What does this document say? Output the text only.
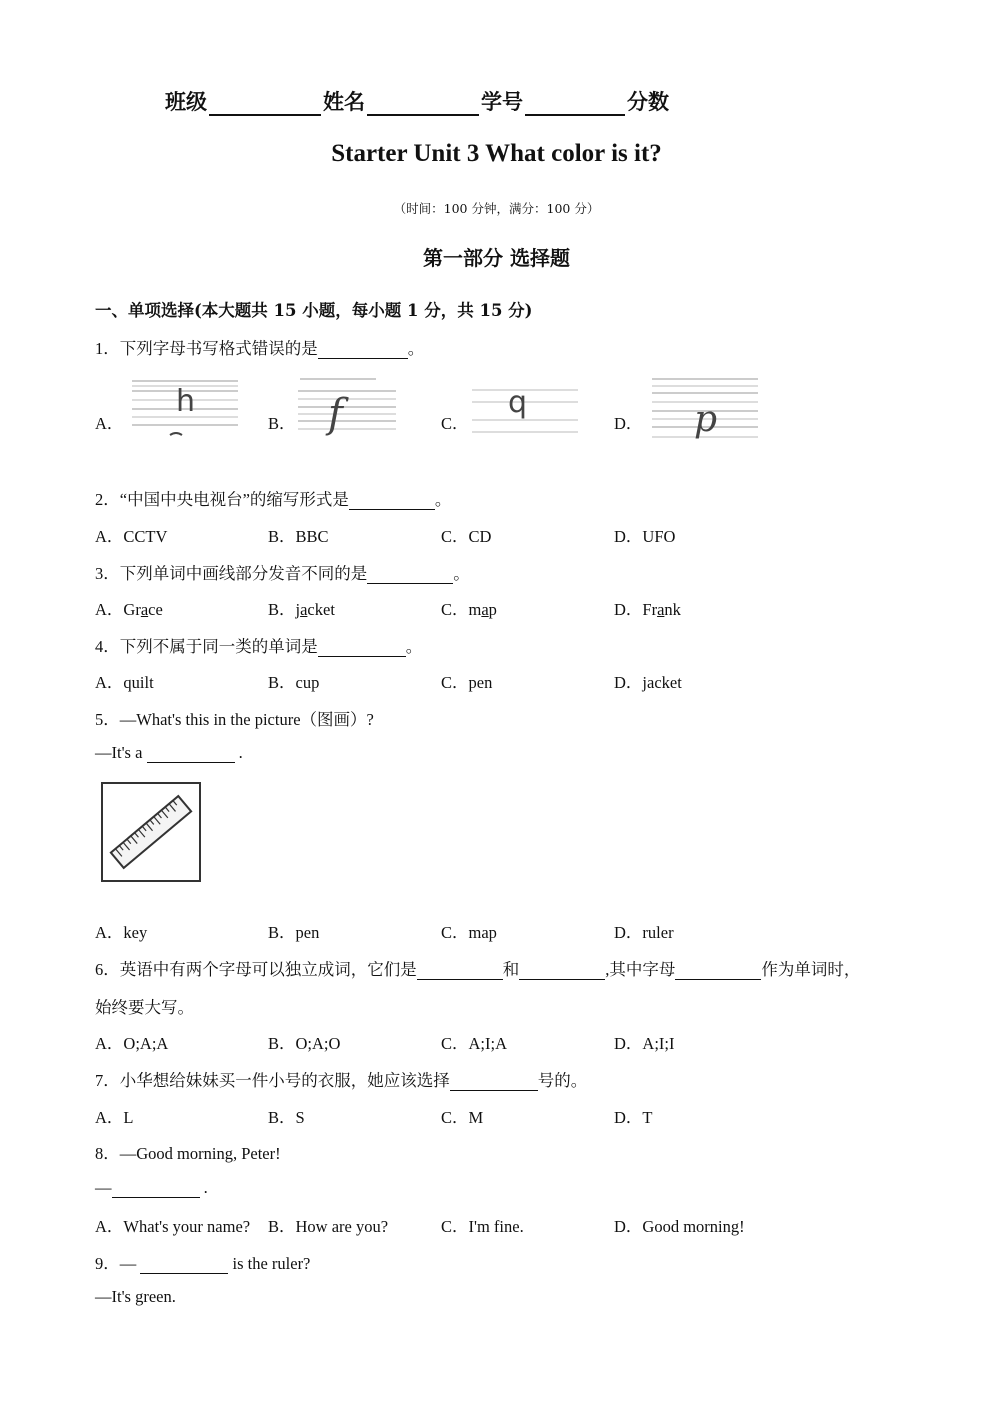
班级	姓名	学号	分数
Starter Unit 3 What color is it?
（时间：100 分钟，满分：100 分）
第一部分 选择题
一、单项选择(本大题共 15 小题，每小题 1 分，共 15 分)
1．下列字母书写格式错误的是	。
A．	B．	C．	D．
h	f	q	p
2．“中国中央电视台”的缩写形式是	。
A．CCTV	B．BBC	C．CD	D．UFO
3．下列单词中画线部分发音不同的是	。
A．Grace	B．jacket	C．map	D．Frank
4．下列不属于同一类的单词是	。
A．quilt	B．cup	C．pen	D．jacket
5．—What's this in the picture（图画）?
—It's a	.
A．key	B．pen	C．map	D．ruler
6．英语中有两个字母可以独立成词，它们是	和	,其中字母	作为单词时，
始终要大写。
A．O;A;A	B．O;A;O	C．A;I;A	D．A;I;I
7．小华想给妹妹买一件小号的衣服，她应该选择	号的。
A．L	B．S	C．M	D．T
8．—Good morning, Peter!
—	.
A．What's your name? B．How are you?	C．I'm fine.	D．Good morning!
9．—	is the ruler?
—It's green.
